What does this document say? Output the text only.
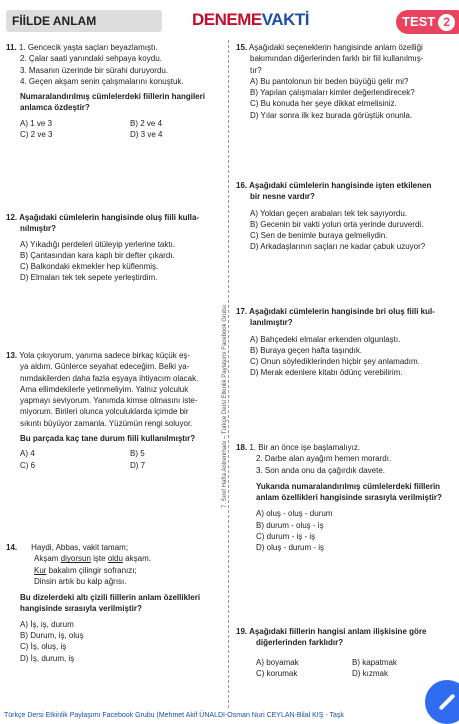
FİİLDE ANLAM	DENEMEVAKTİ	TEST 2
7. Sınıf Hafta Antrenmanı – Türkçe Dersi Etkinlik Paylaşımı Facebook Grubu
11. 1. Gencecik yaşta saçları beyazlamıştı.
2. Çalar saati yanındaki sehpaya koydu.
3. Masanın üzerinde bir sürahi duruyordu.
4. Geçen akşam senin çalışmalarını konuştuk.
Numaralandırılmış cümlelerdeki fiillerin hangileri
anlamca özdeştir?
A) 1 ve 3	B) 2 ve 4
C) 2 ve 3	D) 3 ve 4
12. Aşağıdaki cümlelerin hangisinde oluş fiili kulla-
nılmıştır?
A) Yıkadığı perdeleri ütüleyip yerlerine taktı.
B) Çantasından kara kaplı bir defter çıkardı.
C) Balkondaki ekmekler hep küflenmiş.
D) Elmaları tek tek sepete yerleştirdim.
13. Yola çıkıyorum, yanıma sadece birkaç küçük eş-
ya aldım. Günlerce seyahat edeceğim. Belki ya-
nımdakilerden daha fazla eşyaya ihtiyacım olacak.
Ama ellimdekilerle yetinmeliyim. Yalnız yolculuk
yapmayı seviyorum. Yanımda kimse olmasını iste-
miyorum. Birileri olunca yolculuklarda içimde bir
sıkıntı büyüyor zamanla. Yüzümün rengi soluyor.
Bu parçada kaç tane durum fiili kullanılmıştır?
A) 4	B) 5
C) 6	D) 7
14. Haydi, Abbas, vakit tamam;
Akşam diyorsun işte oldu akşam.
Kur bakalım çilingir sofranızı;
Dinsin artık bu kalp ağrısı.
Bu dizelerdeki altı çizili fiillerin anlam özellikleri
hangisinde sırasıyla verilmiştir?
A) İş, iş, durum
B) Durum, iş, oluş
C) İş, oluş, iş
D) İş, durum, iş
15. Aşağıdaki seçeneklerin hangisinde anlam özelliği
bakımından diğerlerinden farklı bir fiil kullanılmış-
tır?
A) Bu pantolonun bir beden büyüğü gelir mi?
B) Yapılan çalışmaları kimler değerlendirecek?
C) Bu konuda her şeye dikkat etmelisiniz.
D) Yılar sonra ilk kez burada görüştük onunla.
16. Aşağıdaki cümlelerin hangisinde işten etkilenen
bir nesne vardır?
A) Yoldan geçen arabaları tek tek sayıyordu.
B) Gecenin bir vakti yolun orta yerinde duruverdi.
C) Sen de benimle buraya gelmeliydin.
D) Arkadaşlarının saçları ne kadar çabuk uzuyor?
17. Aşağıdaki cümlelerin hangisinde bri oluş fiili kul-
lanılmıştır?
A) Bahçedeki elmalar erkenden olgunlaştı.
B) Buraya geçen hafta taşındık.
C) Onun söylediklerinden hiçbir şey anlamadım.
D) Merak edenlere kitabı ödünç verebilirim.
18. 1. Bir an önce işe başlamalıyız.
2. Darbe alan ayağım hemen morardı.
3. Son anda onu da çağırdık davete.
Yukarıda numaralandırılmış cümlelerdeki fiillerin
anlam özellikleri hangisinde sırasıyla verilmiştir?
A) oluş - oluş - durum
B) durum - oluş - iş
C) durum - iş - iş
D) oluş - durum - iş
19. Aşağıdaki fiillerin hangisi anlam ilişkisine göre
diğerlerinden farklıdır?
A) boyamak	B) kapatmak
C) korumak	D) kızmak
Türkçe Dersi Etkinlik Paylaşımı Facebook Grubu (Mehmet Akif ÜNALDI-Osman Nuri CEYLAN-Bilal KIŞ - Taşk
